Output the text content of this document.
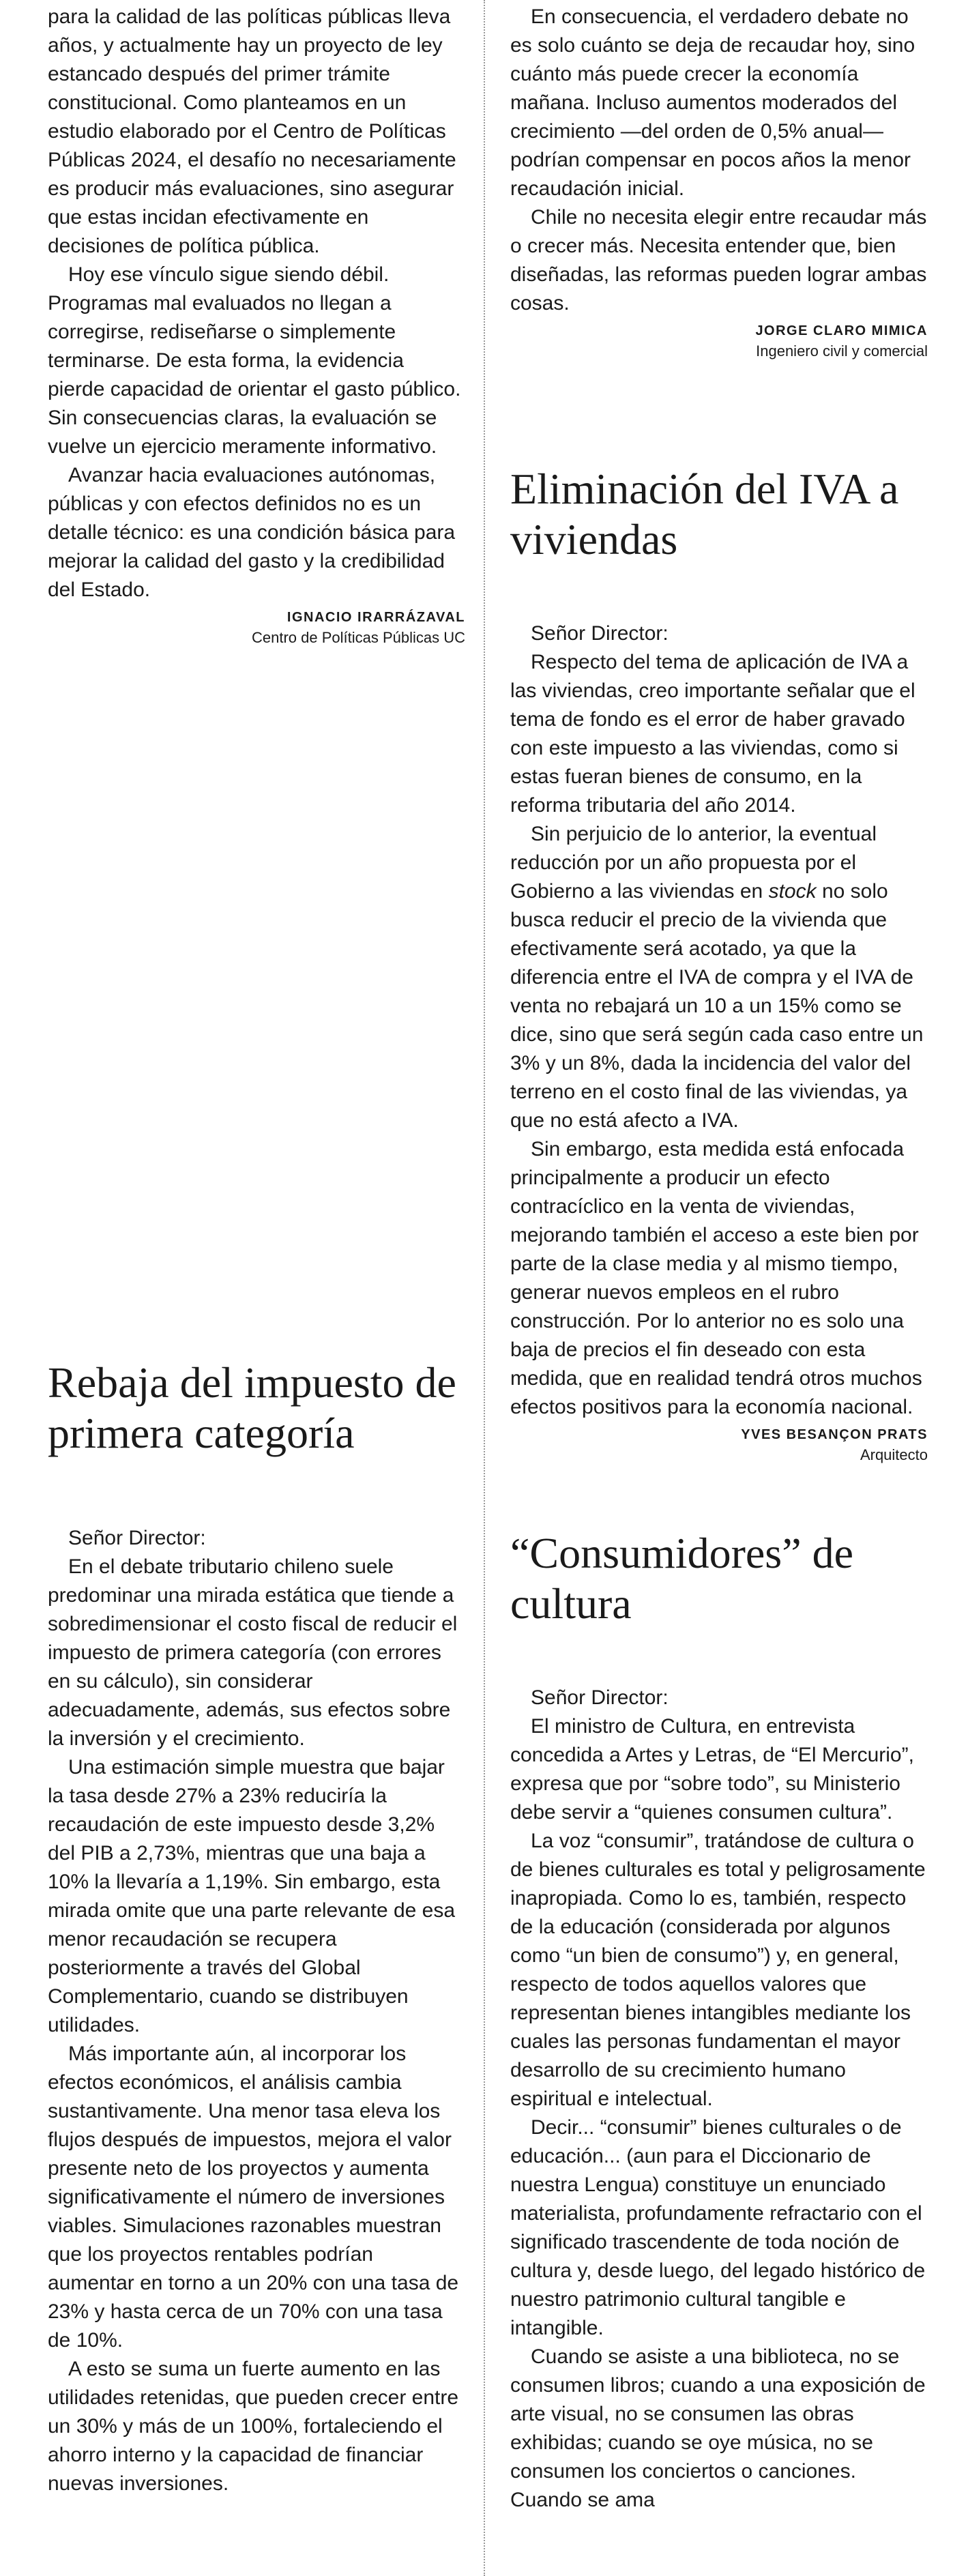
para la calidad de las políticas públicas lleva años, y actualmente hay un proyecto de ley estancado después del primer trámite constitucional. Como planteamos en un estudio elaborado por el Centro de Políticas Públicas 2024, el desafío no necesariamente es producir más evaluaciones, sino asegurar que estas incidan efectivamente en decisiones de política pública.

Hoy ese vínculo sigue siendo débil. Programas mal evaluados no llegan a corregirse, rediseñarse o simplemente terminarse. De esta forma, la evidencia pierde capacidad de orientar el gasto público. Sin consecuencias claras, la evaluación se vuelve un ejercicio meramente informativo.

Avanzar hacia evaluaciones autónomas, públicas y con efectos definidos no es un detalle técnico: es una condición básica para mejorar la calidad del gasto y la credibilidad del Estado.

IGNACIO IRARRÁZAVAL
Centro de Políticas Públicas UC
Rebaja del impuesto de primera categoría

Señor Director:

En el debate tributario chileno suele predominar una mirada estática que tiende a sobredimensionar el costo fiscal de reducir el impuesto de primera categoría (con errores en su cálculo), sin considerar adecuadamente, además, sus efectos sobre la inversión y el crecimiento.

Una estimación simple muestra que bajar la tasa desde 27% a 23% reduciría la recaudación de este impuesto desde 3,2% del PIB a 2,73%, mientras que una baja a 10% la llevaría a 1,19%. Sin embargo, esta mirada omite que una parte relevante de esa menor recaudación se recupera posteriormente a través del Global Complementario, cuando se distribuyen utilidades.

Más importante aún, al incorporar los efectos económicos, el análisis cambia sustantivamente. Una menor tasa eleva los flujos después de impuestos, mejora el valor presente neto de los proyectos y aumenta significativamente el número de inversiones viables. Simulaciones razonables muestran que los proyectos rentables podrían aumentar en torno a un 20% con una tasa de 23% y hasta cerca de un 70% con una tasa de 10%.

A esto se suma un fuerte aumento en las utilidades retenidas, que pueden crecer entre un 30% y más de un 100%, fortaleciendo el ahorro interno y la capacidad de financiar nuevas inversiones.

En consecuencia, el verdadero debate no es solo cuánto se deja de recaudar hoy, sino cuánto más puede crecer la economía mañana. Incluso aumentos moderados del crecimiento —del orden de 0,5% anual— podrían compensar en pocos años la menor recaudación inicial.

Chile no necesita elegir entre recaudar más o crecer más. Necesita entender que, bien diseñadas, las reformas pueden lograr ambas cosas.

JORGE CLARO MIMICA
Ingeniero civil y comercial
Eliminación del IVA a viviendas

Señor Director:

Respecto del tema de aplicación de IVA a las viviendas, creo importante señalar que el tema de fondo es el error de haber gravado con este impuesto a las viviendas, como si estas fueran bienes de consumo, en la reforma tributaria del año 2014.

Sin perjuicio de lo anterior, la eventual reducción por un año propuesta por el Gobierno a las viviendas en stock no solo busca reducir el precio de la vivienda que efectivamente será acotado, ya que la diferencia entre el IVA de compra y el IVA de venta no rebajará un 10 a un 15% como se dice, sino que será según cada caso entre un 3% y un 8%, dada la incidencia del valor del terreno en el costo final de las viviendas, ya que no está afecto a IVA.

Sin embargo, esta medida está enfocada principalmente a producir un efecto contracíclico en la venta de viviendas, mejorando también el acceso a este bien por parte de la clase media y al mismo tiempo, generar nuevos empleos en el rubro construcción. Por lo anterior no es solo una baja de precios el fin deseado con esta medida, que en realidad tendrá otros muchos efectos positivos para la economía nacional.

YVES BESANÇON PRATS
Arquitecto
“Consumidores” de cultura

Señor Director:

El ministro de Cultura, en entrevista concedida a Artes y Letras, de “El Mercurio”, expresa que por “sobre todo”, su Ministerio debe servir a “quienes consumen cultura”.

La voz “consumir”, tratándose de cultura o de bienes culturales es total y peligrosamente inapropiada. Como lo es, también, respecto de la educación (considerada por algunos como “un bien de consumo”) y, en general, respecto de todos aquellos valores que representan bienes intangibles mediante los cuales las personas fundamentan el mayor desarrollo de su crecimiento humano espiritual e intelectual.

Decir... “consumir” bienes culturales o de educación... (aun para el Diccionario de nuestra Lengua) constituye un enunciado materialista, profundamente refractario con el significado trascendente de toda noción de cultura y, desde luego, del legado histórico de nuestro patrimonio cultural tangible e intangible.

Cuando se asiste a una biblioteca, no se consumen libros; cuando a una exposición de arte visual, no se consumen las obras exhibidas; cuando se oye música, no se consumen los conciertos o canciones. Cuando se ama
